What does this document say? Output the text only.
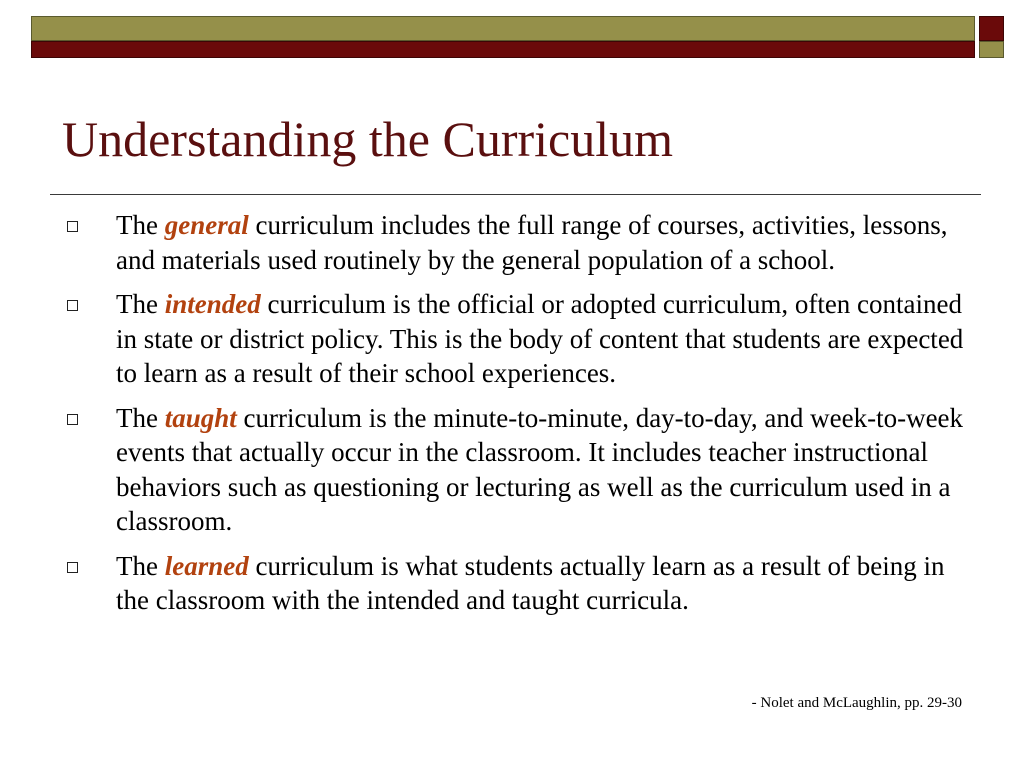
Understanding the Curriculum
The general curriculum includes the full range of courses, activities, lessons, and materials used routinely by the general population of a school.
The intended curriculum is the official or adopted curriculum, often contained in state or district policy. This is the body of content that students are expected to learn as a result of their school experiences.
The taught curriculum is the minute-to-minute, day-to-day, and week-to-week events that actually occur in the classroom. It includes teacher instructional behaviors such as questioning or lecturing as well as the curriculum used in a classroom.
The learned curriculum is what students actually learn as a result of being in the classroom with the intended and taught curricula.
- Nolet and McLaughlin, pp. 29-30
